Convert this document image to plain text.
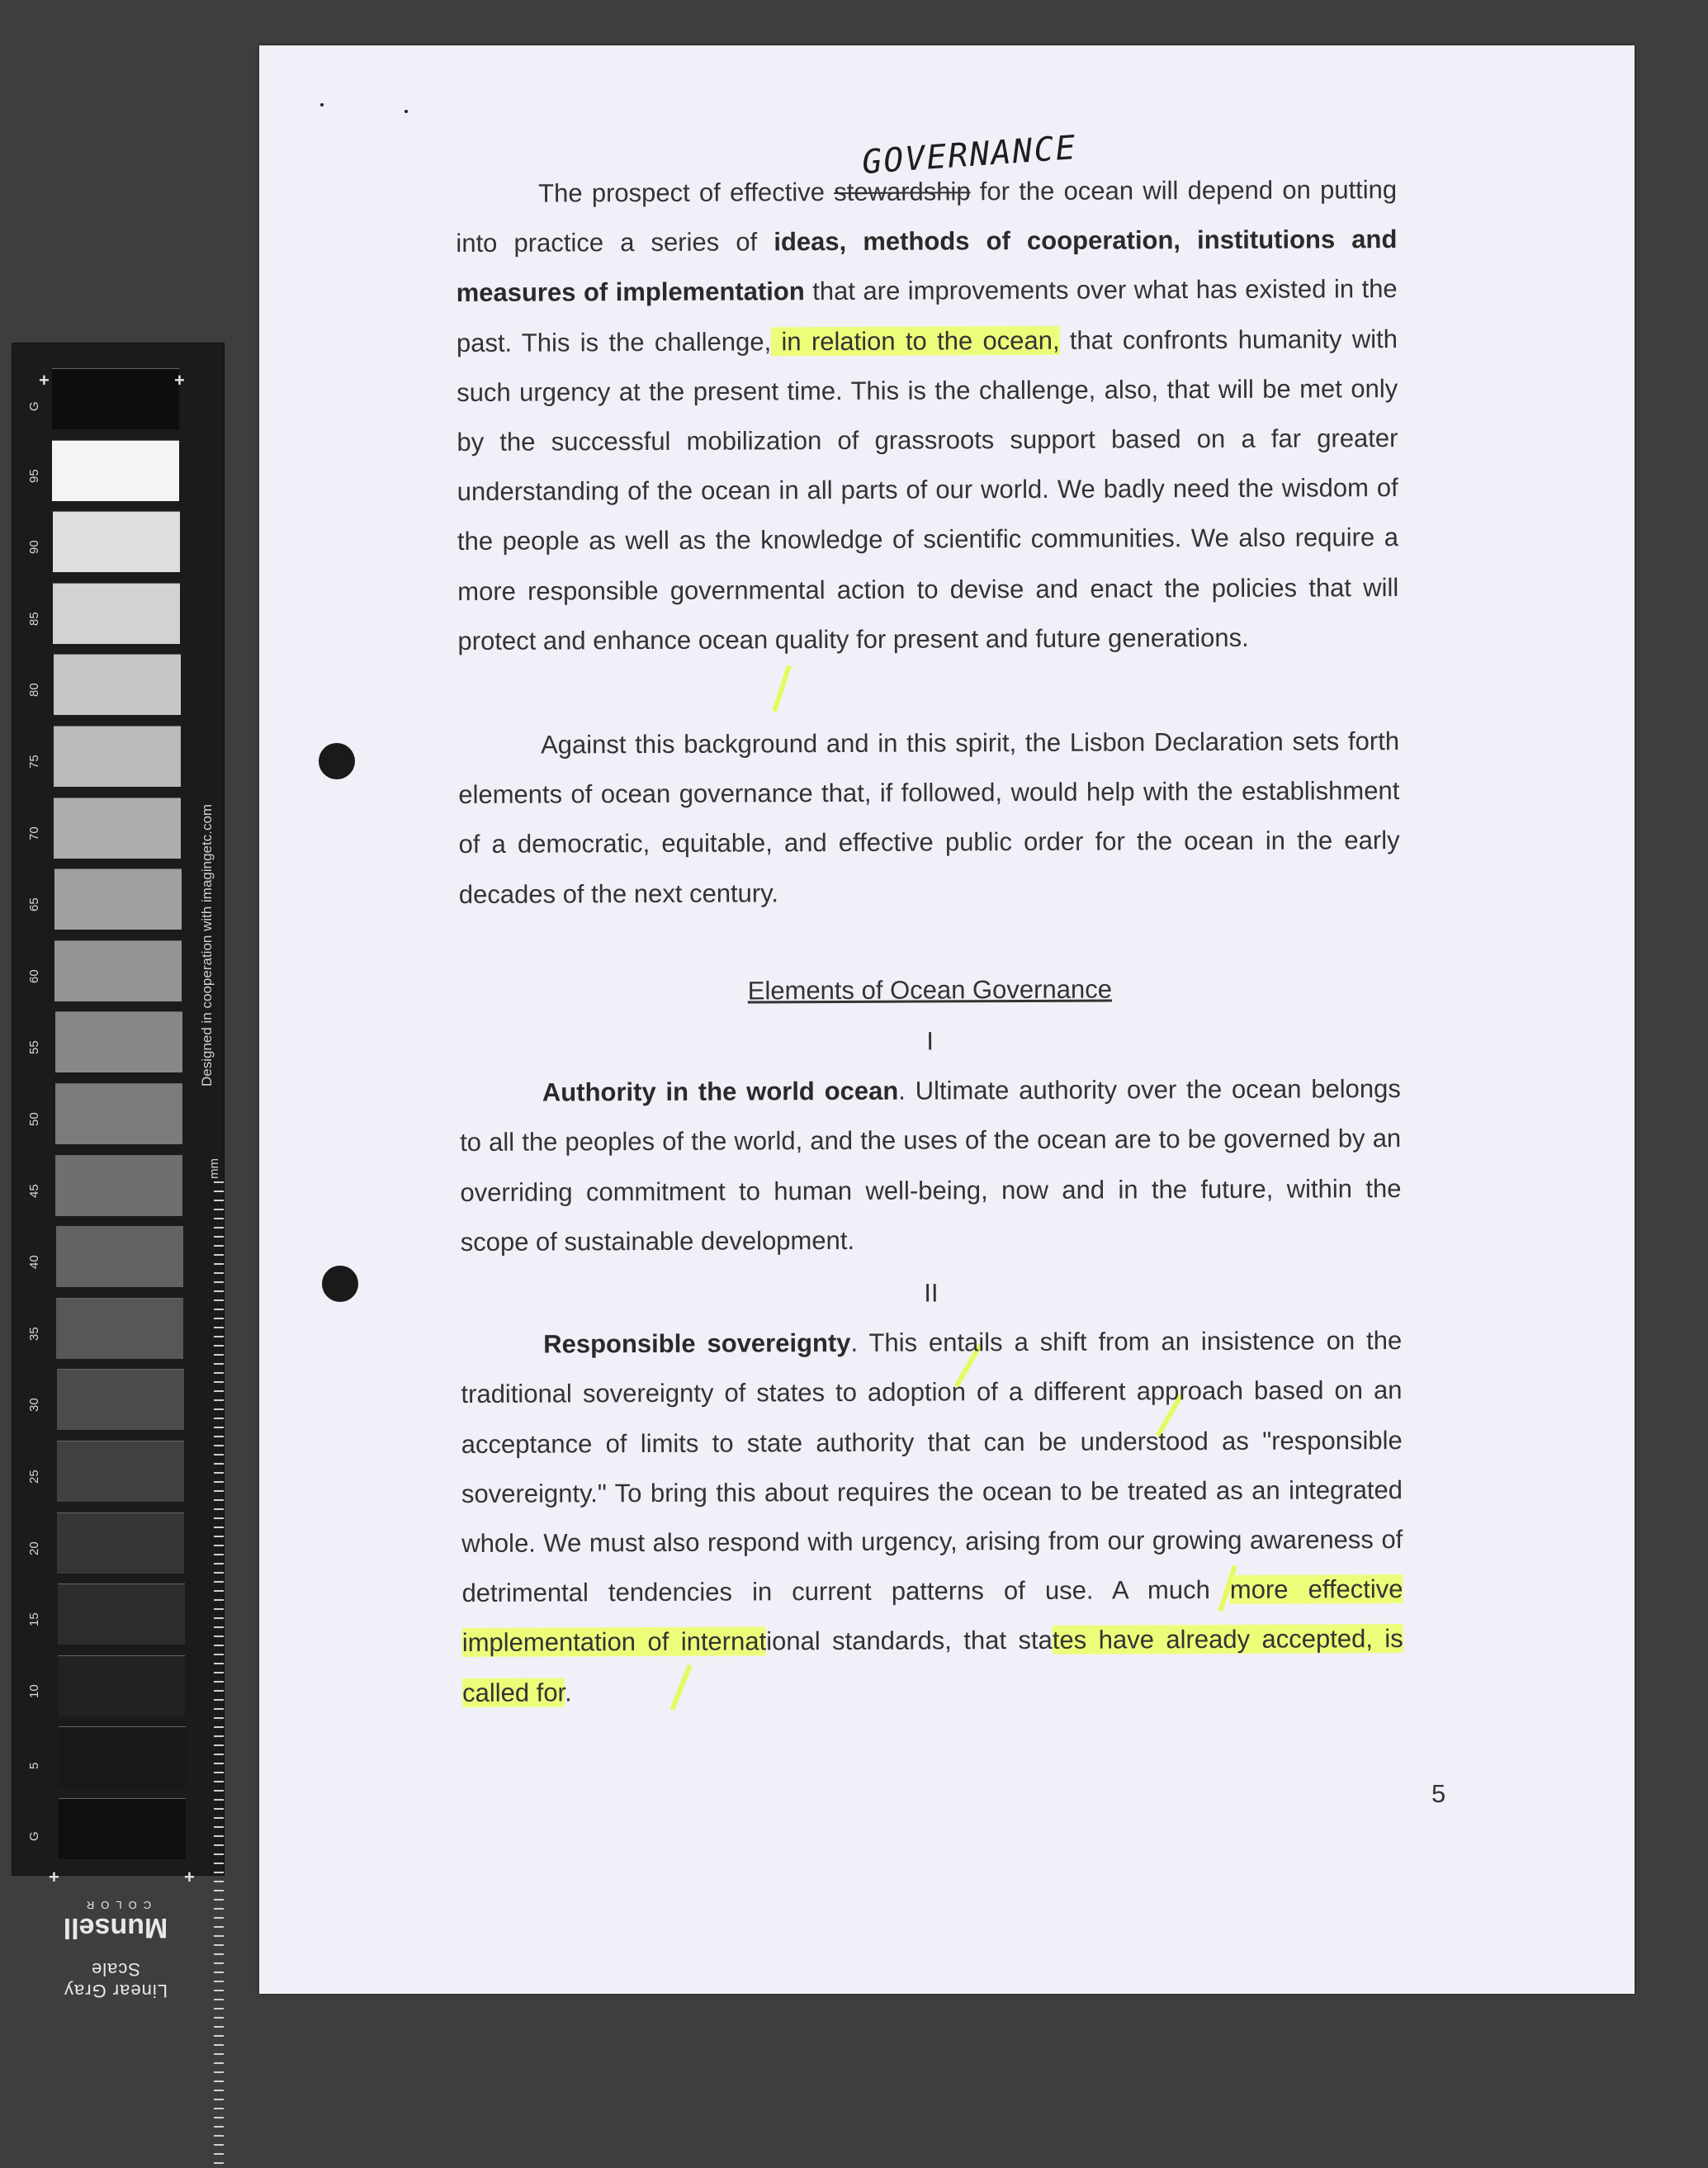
G
95
90
85
80
75
70
65
60
55
50
45
40
35
30
25
20
15
10
5
G
+	+
+	+
Designed in cooperation with imagingetc.com
mm
Linear Gray Scale
Munsell
COLOR
GOVERNANCE

The prospect of effective stewardship for the ocean will depend on putting into practice a series of ideas, methods of cooperation, institutions and measures of implementation that are improvements over what has existed in the past. This is the challenge, in relation to the ocean, that confronts humanity with such urgency at the present time. This is the challenge, also, that will be met only by the successful mobilization of grassroots support based on a far greater understanding of the ocean in all parts of our world. We badly need the wisdom of the people as well as the knowledge of scientific communities. We also require a more responsible governmental action to devise and enact the policies that will protect and enhance ocean quality for present and future generations.

Against this background and in this spirit, the Lisbon Declaration sets forth elements of ocean governance that, if followed, would help with the establishment of a democratic, equitable, and effective public order for the ocean in the early decades of the next century.

Elements of Ocean Governance
I

Authority in the world ocean. Ultimate authority over the ocean belongs to all the peoples of the world, and the uses of the ocean are to be governed by an overriding commitment to human well-being, now and in the future, within the scope of sustainable development.

II

Responsible sovereignty. This entails a shift from an insistence on the traditional sovereignty of states to adoption of a different approach based on an acceptance of limits to state authority that can be understood as "responsible sovereignty." To bring this about requires the ocean to be treated as an integrated whole. We must also respond with urgency, arising from our growing awareness of detrimental tendencies in current patterns of use. A much more effective implementation of international standards, that states have already accepted, is called for.

5
